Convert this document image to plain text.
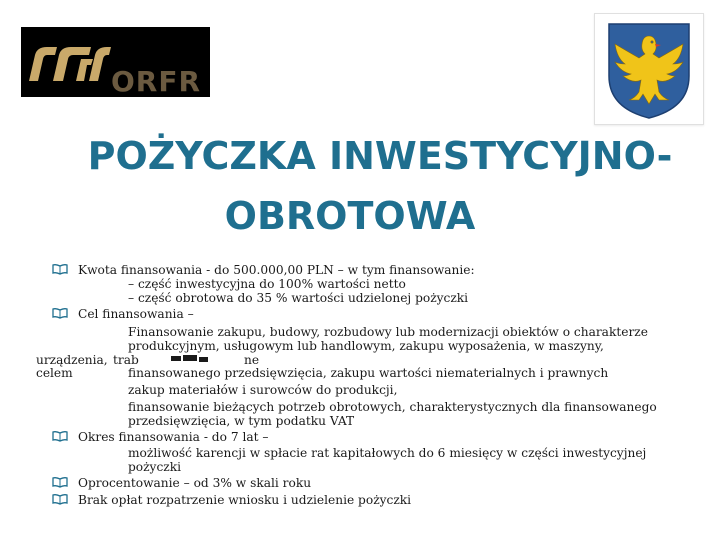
ORFR
POŻYCZKA INWESTYCYJNO-
OBROTOWA
Kwota finansowania - do 500.000,00 PLN – w tym finansowanie:
– część inwestycyjna do 100% wartości netto
– część obrotowa do 35 % wartości udzielonej pożyczki
Cel finansowania –
Finansowanie zakupu, budowy, rozbudowy lub modernizacji obiektów o charakterze
produkcyjnym, usługowym lub handlowym, zakupu wyposażenia, w maszyny,
urządzenia, trab	ne
celem	finansowanego przedsięwzięcia, zakupu wartości niematerialnych i prawnych
zakup materiałów i surowców do produkcji,
finansowanie bieżących potrzeb obrotowych, charakterystycznych dla finansowanego
przedsięwzięcia, w tym podatku VAT
Okres finansowania - do 7 lat –
możliwość karencji w spłacie rat kapitałowych do 6 miesięcy w części inwestycyjnej
pożyczki
Oprocentowanie – od 3% w skali roku
Brak opłat rozpatrzenie wniosku i udzielenie pożyczki
